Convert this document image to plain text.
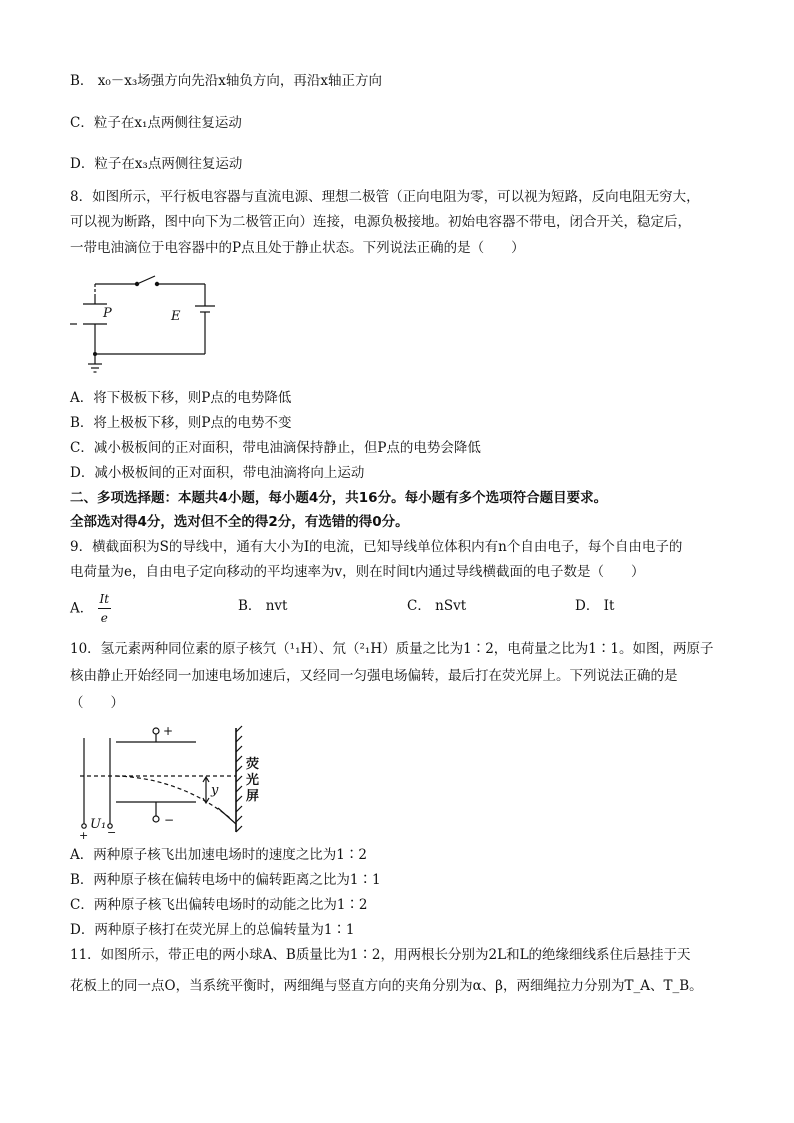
B． x₀－x₃场强方向先沿x轴负方向，再沿x轴正方向
C．粒子在x₁点两侧往复运动
D．粒子在x₃点两侧往复运动
8．如图所示，平行板电容器与直流电源、理想二极管（正向电阻为零，可以视为短路，反向电阻无穷大，
可以视为断路，图中向下为二极管正向）连接，电源负极接地。初始电容器不带电，闭合开关，稳定后，
一带电油滴位于电容器中的P点且处于静止状态。下列说法正确的是（　　）
P	E
A．将下极板下移，则P点的电势降低
B．将上极板下移，则P点的电势不变
C．减小极板间的正对面积，带电油滴保持静止，但P点的电势会降低
D．减小极板间的正对面积，带电油滴将向上运动
二、多项选择题：本题共4小题，每小题4分，共16分。每小题有多个选项符合题目要求。
全部选对得4分，选对但不全的得2分，有选错的得0分。
9．横截面积为S的导线中，通有大小为I的电流，已知导线单位体积内有n个自由电子，每个自由电子的
电荷量为e，自由电子定向移动的平均速率为v，则在时间t内通过导线横截面的电子数是（　　）
A． $\frac{It}{e}$	B． nvt	C． nSvt	D． It
10．氢元素两种同位素的原子核氕（¹₁H）、氘（²₁H）质量之比为1∶2，电荷量之比为1∶1。如图，两原子
核由静止开始经同一加速电场加速后，又经同一匀强电场偏转，最后打在荧光屏上。下列说法正确的是
（　　）
+
−
y
荧
光
屏
U₁
+ −
A．两种原子核飞出加速电场时的速度之比为1∶2
B．两种原子核在偏转电场中的偏转距离之比为1∶1
C．两种原子核飞出偏转电场时的动能之比为1∶2
D．两种原子核打在荧光屏上的总偏转量为1∶1
11．如图所示，带正电的两小球A、B质量比为1∶2，用两根长分别为2L和L的绝缘细线系住后悬挂于天
花板上的同一点O，当系统平衡时，两细绳与竖直方向的夹角分别为α、β，两细绳拉力分别为T_A、T_B。
